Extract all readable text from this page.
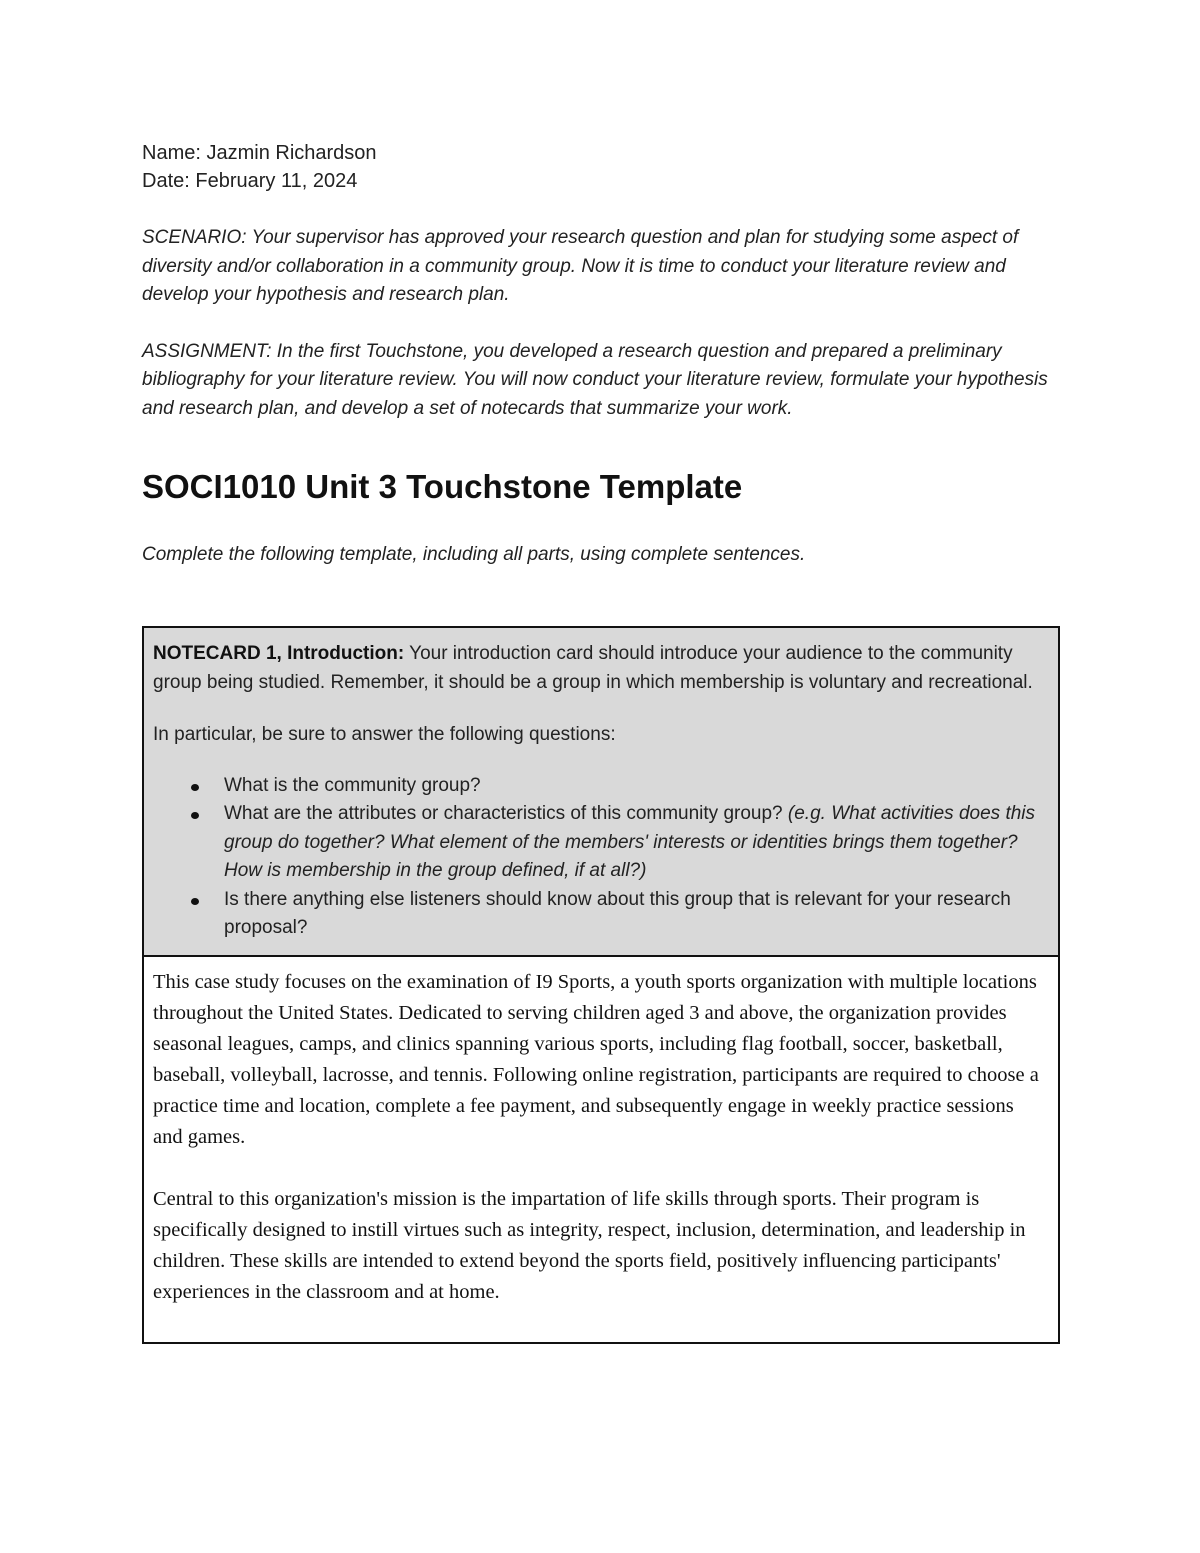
Name: Jazmin Richardson

Date: February 11, 2024

SCENARIO: Your supervisor has approved your research question and plan for studying some aspect of diversity and/or collaboration in a community group. Now it is time to conduct your literature review and develop your hypothesis and research plan.

ASSIGNMENT: In the first Touchstone, you developed a research question and prepared a preliminary bibliography for your literature review. You will now conduct your literature review, formulate your hypothesis and research plan, and develop a set of notecards that summarize your work.

SOCI1010 Unit 3 Touchstone Template

Complete the following template, including all parts, using complete sentences.

NOTECARD 1, Introduction: Your introduction card should introduce your audience to the community group being studied. Remember, it should be a group in which membership is voluntary and recreational.

In particular, be sure to answer the following questions:

What is the community group?
What are the attributes or characteristics of this community group? (e.g. What activities does this group do together? What element of the members' interests or identities brings them together? How is membership in the group defined, if at all?)
Is there anything else listeners should know about this group that is relevant for your research proposal?

This case study focuses on the examination of I9 Sports, a youth sports organization with multiple locations throughout the United States. Dedicated to serving children aged 3 and above, the organization provides seasonal leagues, camps, and clinics spanning various sports, including flag football, soccer, basketball, baseball, volleyball, lacrosse, and tennis. Following online registration, participants are required to choose a practice time and location, complete a fee payment, and subsequently engage in weekly practice sessions and games.

Central to this organization's mission is the impartation of life skills through sports. Their program is specifically designed to instill virtues such as integrity, respect, inclusion, determination, and leadership in children. These skills are intended to extend beyond the sports field, positively influencing participants' experiences in the classroom and at home.
